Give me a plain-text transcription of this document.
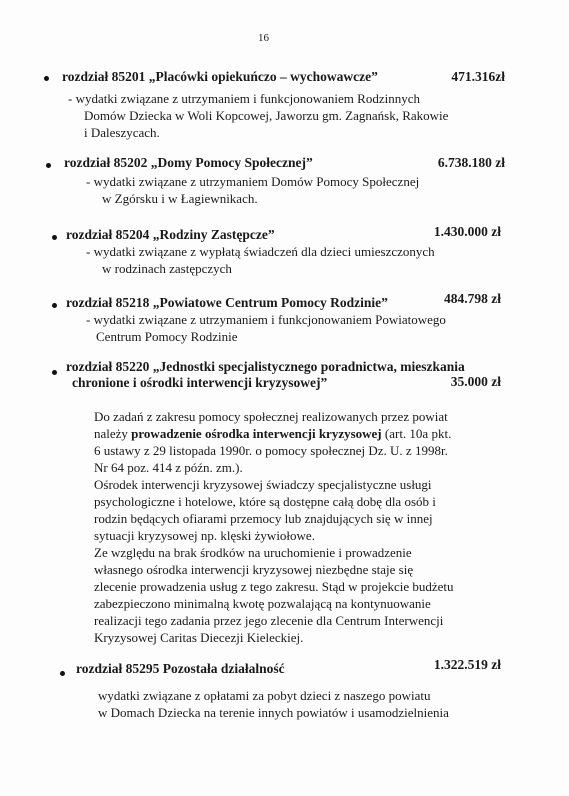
16
rozdział 85201 „Placówki opiekuńczo – wychowawcze”	471.316zł
- wydatki związane z utrzymaniem i funkcjonowaniem Rodzinnych
Domów Dziecka w Woli Kopcowej, Jaworzu gm. Zagnańsk, Rakowie
i Daleszycach.
rozdział 85202 „Domy Pomocy Społecznej”	6.738.180 zł
- wydatki związane z utrzymaniem Domów Pomocy Społecznej
w Zgórsku i w Łagiewnikach.
rozdział 85204 „Rodziny Zastępcze”	1.430.000 zł
- wydatki związane z wypłatą świadczeń dla dzieci umieszczonych
w rodzinach zastępczych
rozdział 85218 „Powiatowe Centrum Pomocy Rodzinie”	484.798 zł
- wydatki związane z utrzymaniem i funkcjonowaniem Powiatowego
Centrum Pomocy Rodzinie
rozdział 85220 „Jednostki specjalistycznego poradnictwa, mieszkania
chronione i ośrodki interwencji kryzysowej”	35.000 zł
Do zadań z zakresu pomocy społecznej realizowanych przez powiat
należy prowadzenie ośrodka interwencji kryzysowej (art. 10a pkt.
6 ustawy z 29 listopada 1990r. o pomocy społecznej Dz. U. z 1998r.
Nr 64 poz. 414 z późn. zm.).
Ośrodek interwencji kryzysowej świadczy specjalistyczne usługi
psychologiczne i hotelowe, które są dostępne całą dobę dla osób i
rodzin będących ofiarami przemocy lub znajdujących się w innej
sytuacji kryzysowej np. klęski żywiołowe.
Ze względu na brak środków na uruchomienie i prowadzenie
własnego ośrodka interwencji kryzysowej niezbędne staje się
zlecenie prowadzenia usług z tego zakresu. Stąd w projekcie budżetu
zabezpieczono minimalną kwotę pozwalającą na kontynuowanie
realizacji tego zadania przez jego zlecenie dla Centrum Interwencji
Kryzysowej Caritas Diecezji Kieleckiej.
rozdział 85295 Pozostała działalność	1.322.519 zł
wydatki związane z opłatami za pobyt dzieci z naszego powiatu
w Domach Dziecka na terenie innych powiatów i usamodzielnienia
